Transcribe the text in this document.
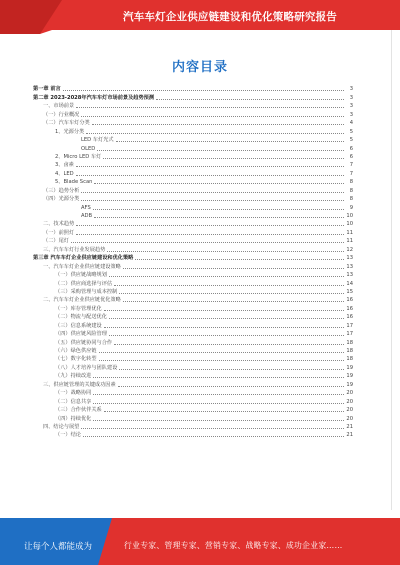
汽车车灯企业供应链建设和优化策略研究报告
内容目录
第一章 前言	3
第二章 2023-2028年汽车车灯市场前景及趋势预测	3
一、市场前景	3
（一）行业概况	3
（二）汽车车灯分类	4
1、光源分类	5
LED 车灯光式	5
OLED	6
2、Micro LED 车灯	6
3、卤素	7
4、LED	7
5、Blade Scan	8
（三）趋势分析	8
（四）光源分类	8
AFS	9
ADB	10
二、技术趋势	10
（一）前照灯	11
（二）尾灯	11
三、汽车车灯行业发展趋势	12
第三章 汽车车灯企业供应链建设和优化策略	13
一、汽车车灯企业供应链建设策略	13
（一）供应链战略规划	13
（二）供应商选择与评估	14
（三）采购管理与成本控制	15
二、汽车车灯企业供应链优化策略	16
（一）库存管理优化	16
（二）物流与配送优化	16
（三）信息系统建设	17
（四）供应链风险管理	17
（五）供应链协同与合作	18
（六）绿色供应链	18
（七）数字化转型	18
（八）人才培养与团队建设	19
（九）持续改进	19
三、供应链管理的关键成功因素	19
（一）战略协同	20
（二）信息共享	20
（三）合作伙伴关系	20
（四）持续优化	20
四、结论与展望	21
（一）结论	21
让每个人都能成为	行业专家、管理专家、营销专家、战略专家、成功企业家……
